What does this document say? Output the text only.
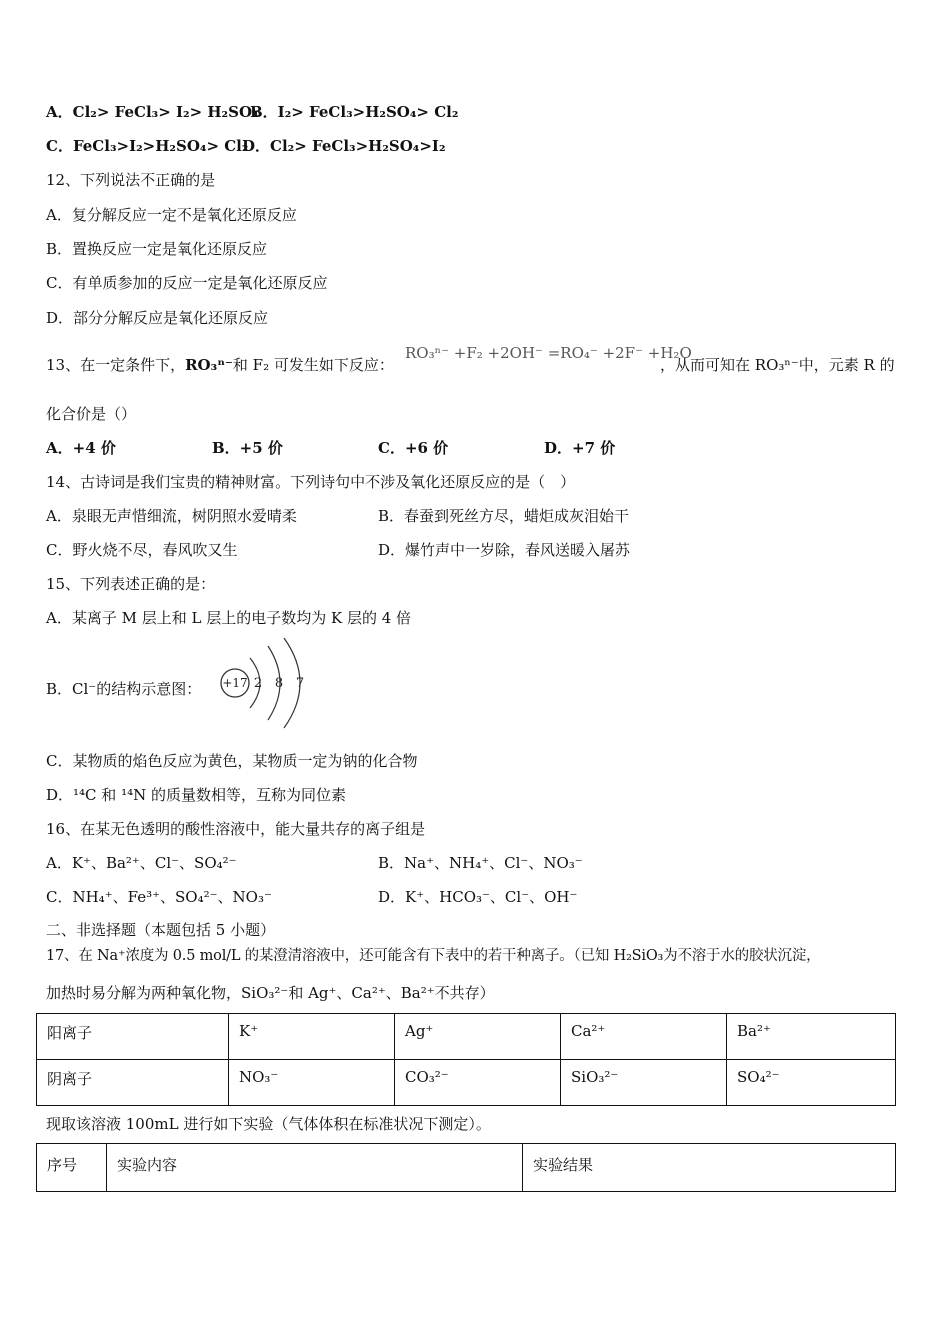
A．Cl₂> FeCl₃> I₂> H₂SO₄
B．I₂> FeCl₃>H₂SO₄> Cl₂
C．FeCl₃>I₂>H₂SO₄> Cl₂
D．Cl₂> FeCl₃>H₂SO₄>I₂
12、下列说法不正确的是
A．复分解反应一定不是氧化还原反应
B．置换反应一定是氧化还原反应
C．有单质参加的反应一定是氧化还原反应
D．部分分解反应是氧化还原反应
13、在一定条件下，RO₃ⁿ⁻和 F₂ 可发生如下反应：
RO₃ⁿ⁻ +F₂ +2OH⁻ =RO₄⁻ +2F⁻ +H₂O
，从而可知在 RO₃ⁿ⁻中，元素 R 的
化合价是（）
A．+4 价	B．+5 价	C．+6 价	D．+7 价
14、古诗词是我们宝贵的精神财富。下列诗句中不涉及氧化还原反应的是（　）
A．泉眼无声惜细流，树阴照水爱晴柔	B．春蚕到死丝方尽，蜡炬成灰泪始干
C．野火烧不尽，春风吹又生	D．爆竹声中一岁除，春风送暖入屠苏
15、下列表述正确的是：
A．某离子 M 层上和 L 层上的电子数均为 K 层的 4 倍
B．Cl⁻的结构示意图： +17 2 8 7
C．某物质的焰色反应为黄色，某物质一定为钠的化合物
D．¹⁴C 和 ¹⁴N 的质量数相等，互称为同位素
16、在某无色透明的酸性溶液中，能大量共存的离子组是
A．K⁺、Ba²⁺、Cl⁻、SO₄²⁻	B．Na⁺、NH₄⁺、Cl⁻、NO₃⁻
C．NH₄⁺、Fe³⁺、SO₄²⁻、NO₃⁻	D．K⁺、HCO₃⁻、Cl⁻、OH⁻
二、非选择题（本题包括 5 小题）
17、在 Na⁺浓度为 0.5 mol/L 的某澄清溶液中，还可能含有下表中的若干种离子。（已知 H₂SiO₃为不溶于水的胶状沉淀，
加热时易分解为两种氧化物，SiO₃²⁻和 Ag⁺、Ca²⁺、Ba²⁺不共存）
阳离子	K⁺	Ag⁺	Ca²⁺	Ba²⁺
阴离子	NO₃⁻	CO₃²⁻	SiO₃²⁻	SO₄²⁻
现取该溶液 100mL 进行如下实验（气体体积在标准状况下测定）。
序号	实验内容	实验结果
